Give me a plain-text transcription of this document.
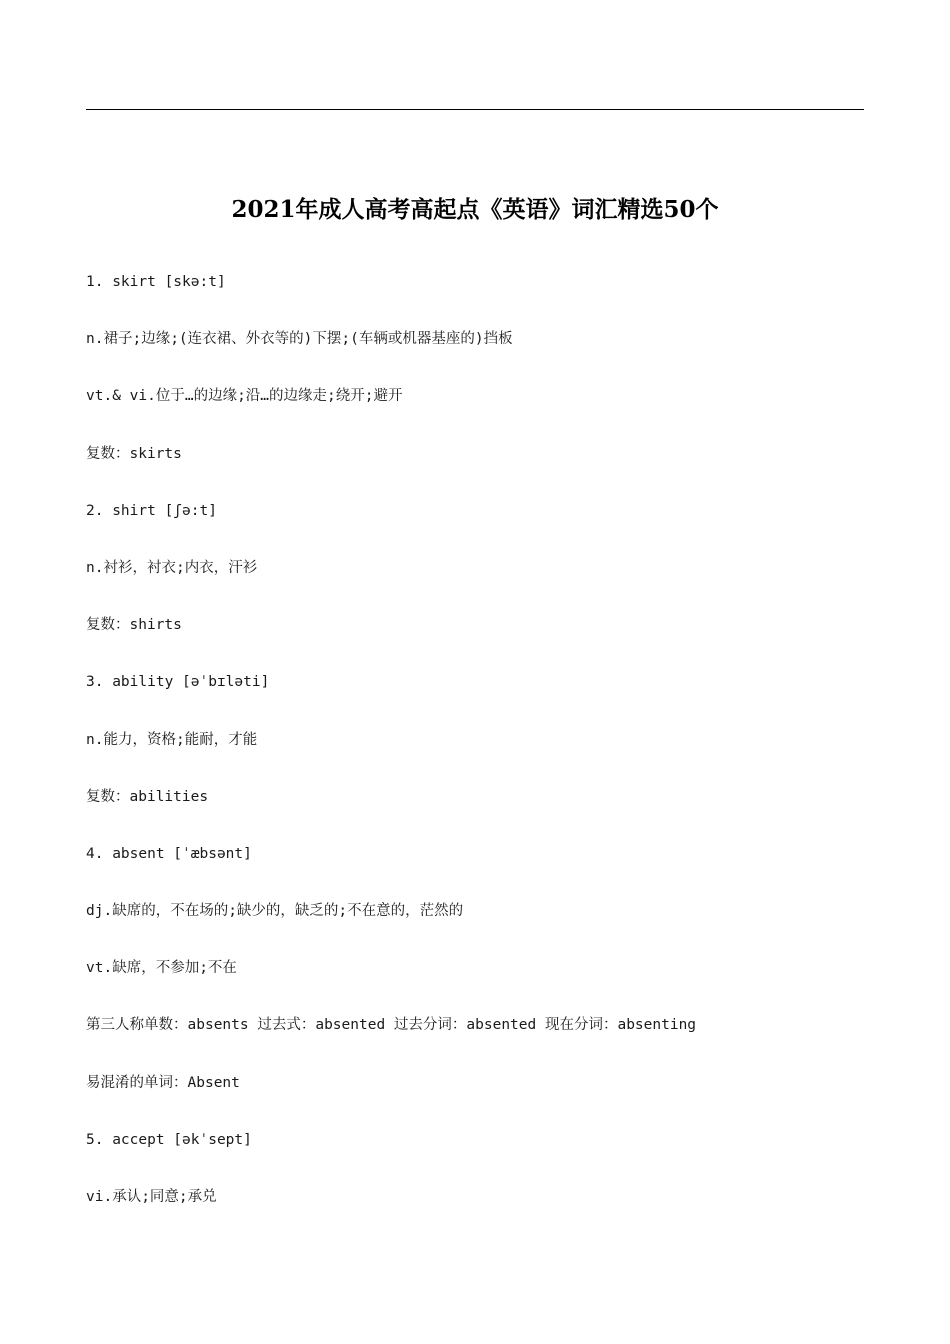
2021年成人高考高起点《英语》词汇精选50个
1. skirt [skə:t]
n.裙子;边缘;(连衣裙、外衣等的)下摆;(车辆或机器基座的)挡板
vt.& vi.位于…的边缘;沿…的边缘走;绕开;避开
复数：skirts
2. shirt [ʃə:t]
n.衬衫，衬衣;内衣，汗衫
复数：shirts
3. ability [əˈbɪləti]
n.能力，资格;能耐，才能
复数：abilities
4. absent [ˈæbsənt]
dj.缺席的，不在场的;缺少的，缺乏的;不在意的，茫然的
vt.缺席，不参加;不在
第三人称单数：absents 过去式：absented 过去分词：absented 现在分词：absenting
易混淆的单词：Absent
5. accept [əkˈsept]
vi.承认;同意;承兑
